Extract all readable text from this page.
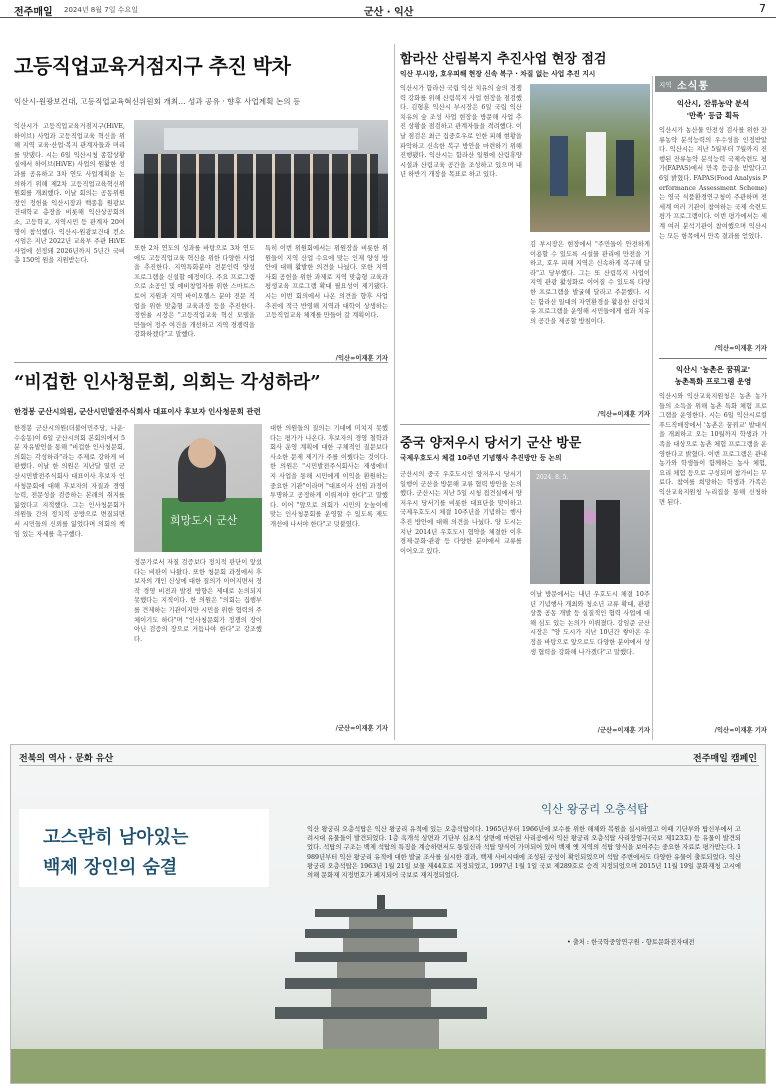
전주매일 2024년 8월 7일 수요일	군산 · 익산	7
고등직업교육거점지구 추진 박차
익산시-원광보건대, 고등직업교육혁신위원회 개최… 성과 공유 · 향후 사업계획 논의 등
익산시가 고등직업교육거점지구(HiVE, 하이브) 사업과 고등직업교육 혁신을 위해 지역 교육·산업·복지 관계자들과 머리를 맞댔다. 시는 6일 익산시청 종합상황실에서 하이브(HiVE) 사업의 원활한 성과를 공유하고 3차 연도 사업계획을 논의하기 위해 제2차 고등직업교육혁신위원회를 개최했다. 이날 회의는 공동위원장인 정헌율 익산시장과 백종흠 원광보건대학교 총장을 비롯해 익산상공회의소, 고등학교, 지역시민 등 관계자 20여 명이 참석했다. 익산시-원광보건대 컨소시엄은 지난 2022년 교육부 주관 HiVE 사업에 선정돼 2026년까지 5년간 국비 총 150억 원을 지원받는다.
또한 2차 연도의 성과를 바탕으로 3차 연도에도 고등직업교육 혁신을 위한 다양한 사업을 추진한다. 지역특화분야 전문인력 양성 프로그램을 신설할 예정이다. 주요 프로그램으로 소공인 및 예비창업자를 위한 스마트스토어 지원과 지역 바이오헬스 분야 전문 직업을 위한 맞춤형 교육과정 등을 추진한다. 정헌율 시장은 "고등직업교육 혁신 모델을 만들어 정주 여건을 개선하고 지역 경쟁력을 강화하겠다"고 말했다.
특히 이번 위원회에서는 위원장을 비롯한 위원들이 지역 산업 수요에 맞는 인재 양성 방안에 대해 활발한 의견을 나눴다. 또한 지역사회 공헌을 위한 과제로 지역 맞춤형 교육과 평생교육 프로그램 확대 필요성이 제기됐다. 시는 이번 회의에서 나온 의견을 향후 사업 추진에 적극 반영해 지역과 대학이 상생하는 고등직업교육 체계를 만들어 갈 계획이다.
/익산=이재훈 기자
“비겁한 인사청문회, 의회는 각성하라”
한경봉 군산시의원, 군산시민발전주식회사 대표이사 후보자 인사청문회 관련
한경봉 군산시의원(더불어민주당, 나운·수송동)이 6일 군산시의회 본회의에서 5분 자유발언을 통해 "비겁한 인사청문회, 의회는 각성하라"라는 주제로 강하게 비판했다. 이날 한 의원은 지난달 열린 군산시민발전주식회사 대표이사 후보자 인사청문회에 대해 후보자의 자질과 경영능력, 전문성을 검증하는 본래의 취지를 잃었다고 지적했다. 그는 인사청문회가 의원들 간의 정치적 공방으로 변질되면서 시민들의 신뢰를 잃었다며 의회의 책임 있는 자세를 촉구했다.
희망도시 군산
정문가로서 자질 검증보다 정치적 판단이 앞섰다는 비판이 나왔다. 또한 청문회 과정에서 후보자의 개인 신상에 대한 질의가 이어지면서 정작 경영 비전과 발전 방향은 제대로 논의되지 못했다는 지적이다. 한 의원은 "의회는 집행부를 견제하는 기관이지만 시민을 위한 협력의 주체이기도 하다"며 "인사청문회가 정쟁의 장이 아닌 검증의 장으로 거듭나야 한다"고 강조했다.
대한 의원들의 질의는 기대에 미치지 못했다는 평가가 나온다. 후보자의 경영 철학과 회사 운영 계획에 대한 구체적인 질문보다 사소한 문제 제기가 주를 이뤘다는 것이다. 한 의원은 "시민발전주식회사는 재생에너지 사업을 통해 시민에게 이익을 환원하는 중요한 기관"이라며 "대표이사 선임 과정이 투명하고 공정하게 이뤄져야 한다"고 말했다. 이어 "앞으로 의회가 시민의 눈높이에 맞는 인사청문회를 운영할 수 있도록 제도 개선에 나서야 한다"고 덧붙였다.
/군산=이재훈 기자
함라산 산림복지 추진사업 현장 점검
익산 부시장, 호우피해 현장 신속 복구 · 차질 없는 사업 추진 지시
익산시가 함라산 국립 익산 치유의 숲의 경쟁력 강화를 위해 산림복지 사업 현장을 점검했다. 김형훈 익산시 부시장은 6일 국립 익산 치유의 숲 조성 사업 현장을 방문해 사업 추진 상황을 점검하고 관계자들을 격려했다. 이날 점검은 최근 집중호우로 인한 피해 현황을 파악하고 신속한 복구 방안을 마련하기 위해 진행됐다. 익산시는 함라산 일원에 산림휴양 시설과 산림교육 공간을 조성하고 있으며 내년 하반기 개장을 목표로 하고 있다.
김 부시장은 현장에서 "주민들이 안전하게 이용할 수 있도록 시설물 관리에 만전을 기하고, 호우 피해 지역은 신속하게 복구해 달라"고 당부했다. 그는 또 산림복지 사업이 지역 관광 활성화로 이어질 수 있도록 다양한 프로그램을 발굴해 달라고 주문했다. 시는 함라산 일대의 자연환경을 활용한 산림치유 프로그램을 운영해 시민들에게 쉼과 치유의 공간을 제공할 방침이다.
/익산=이재훈 기자
중국 양저우시 당서기 군산 방문
국제우호도시 체결 10주년 기념행사 추진방안 등 논의
군산시의 중국 우호도시인 양저우시 당서기 일행이 군산을 방문해 교류 협력 방안을 논의했다. 군산시는 지난 5일 시청 접견실에서 양저우시 당서기를 비롯한 대표단을 맞이하고 국제우호도시 체결 10주년을 기념하는 행사 추진 방안에 대해 의견을 나눴다. 양 도시는 지난 2014년 우호도시 협약을 체결한 이후 경제·문화·관광 등 다양한 분야에서 교류를 이어오고 있다.
2024. 8. 5.
이날 방문에서는 내년 우호도시 체결 10주년 기념행사 개최와 청소년 교류 확대, 관광 상품 공동 개발 등 실질적인 협력 사업에 대해 심도 있는 논의가 이뤄졌다. 강임준 군산시장은 "양 도시가 지난 10년간 쌓아온 우정을 바탕으로 앞으로도 다양한 분야에서 상생 협력을 강화해 나가겠다"고 말했다.
/군산=이재훈 기자
지역 소식통
익산시, 잔류농약 분석
'만족' 등급 획득
익산시가 농산물 안전성 검사를 위한 잔류농약 분석능력의 우수성을 인정받았다. 익산시는 지난 5월부터 7월까지 진행된 잔류농약 분석능력 국제숙련도 평가(FAPAS)에서 만족 등급을 받았다고 6일 밝혔다. FAPAS(Food Analysis Performance Assessment Scheme)는 영국 식품환경연구청이 주관하며 전 세계 여러 기관이 참여하는 국제 숙련도 평가 프로그램이다. 이번 평가에서는 세계 여러 분석기관이 참여했으며 익산시는 모든 항목에서 만족 결과를 얻었다.
/익산=이재훈 기자
익산시 '농촌은 꿈꿔교'
농촌특화 프로그램 운영
익산시와 익산교육지원청은 농촌 농가들의 소득을 위해 농촌 특화 체험 프로그램을 운영한다. 시는 6일 익산시로컬푸드직매장에서 '농촌은 꿈꿔교' 발대식을 개최하고 오는 10월까지 학생과 가족을 대상으로 농촌 체험 프로그램을 운영한다고 밝혔다. 이번 프로그램은 관내 농가와 학생들이 함께하는 농사 체험, 요리 체험 등으로 구성되며 참가비는 무료다. 참여를 희망하는 학생과 가족은 익산교육지원청 누리집을 통해 신청하면 된다.
/익산=이재훈 기자
전북의 역사 · 문화 유산	전주매일 캠페인
고스란히 남아있는
백제 장인의 숨결
익산 왕궁리 오층석탑
익산 왕궁리 오층석탑은 익산 왕궁리 유적에 있는 오층석탑이다. 1965년부터 1966년에 보수를 위한 해체와 복원을 실시하였고 이때 기단부와 탑신부에서 고려시대 유물들이 발견되었다. 1층 옥개석 상면과 기단부 심초석 상면에 마련된 사리공에서 익산 왕궁리 오층석탑 사리장엄구(국보 제123호) 등 유물이 발견되었다. 석탑의 구조는 백제 석탑의 특징을 계승하면서도 통일신라 석탑 양식이 가미되어 있어 백제 옛 지역의 석탑 양식을 보여주는 중요한 자료로 평가받는다. 1989년부터 익산 왕궁리 유적에 대한 발굴 조사를 실시한 결과, 백제 사비시대에 조성된 궁성이 확인되었으며 석탑 주변에서도 다양한 유물이 출토되었다. 익산 왕궁리 오층석탑은 1963년 1월 21일 보물 제44호로 지정되었고, 1997년 1월 1일 국보 제289호로 승격 지정되었으며 2015년 11월 19일 문화재청 고시에 의해 문화재 지정번호가 폐지되어 국보로 재지정되었다.
• 출처 : 한국학중앙연구원 - 향토문화전자대전
